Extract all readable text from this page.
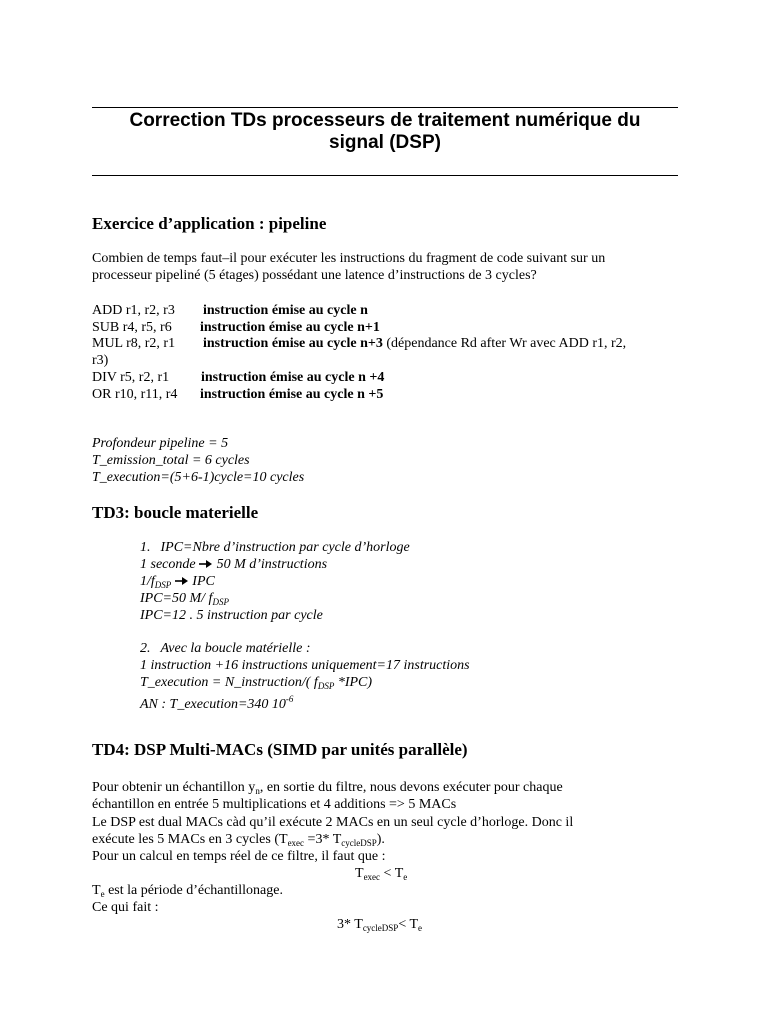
Correction TDs processeurs de traitement numérique du
signal (DSP)
Exercice d’application : pipeline

Combien de temps faut–il pour exécuter les instructions du fragment de code suivant sur un

processeur pipeliné (5 étages) possédant une latence d’instructions de 3 cycles?

ADD r1, r2, r3 instruction émise au cycle n
SUB r4, r5, r6 instruction émise au cycle n+1
MUL r8, r2, r1 instruction émise au cycle n+3 (dépendance Rd after Wr avec ADD r1, r2,
r3)
DIV r5, r2, r1 instruction émise au cycle n +4
OR r10, r11, r4 instruction émise au cycle n +5

Profondeur pipeline = 5

T_emission_total = 6 cycles

T_execution=(5+6-1)cycle=10 cycles

TD3: boucle materielle

1. IPC=Nbre d’instruction par cycle d’horloge

1 seconde  50 M d’instructions

$1/f_{DSP}$  IPC

IPC=50 M/ $f_{DSP}$

IPC=12 . 5 instruction par cycle

2. Avec la boucle matérielle :

1 instruction +16 instructions uniquement=17 instructions

T_execution = N_instruction/( $f_{DSP}$ *IPC)

AN : T_execution=340 $10^{-6}$

TD4: DSP Multi-MACs (SIMD par unités parallèle)

Pour obtenir un échantillon $y_n$, en sortie du filtre, nous devons exécuter pour chaque

échantillon en entrée 5 multiplications et 4 additions => 5 MACs

Le DSP est dual MACs càd qu’il exécute 2 MACs en un seul cycle d’horloge. Donc il

exécute les 5 MACs en 3 cycles ($T_{exec} =3*$ $T_{cycleDSP}$).

Pour un calcul en temps réel de ce filtre, il faut que :

$T_{exec} < T_e$

$T_e$ est la période d’échantillonage.

Ce qui fait :

3* $T_{cycleDSP}< T_e$
